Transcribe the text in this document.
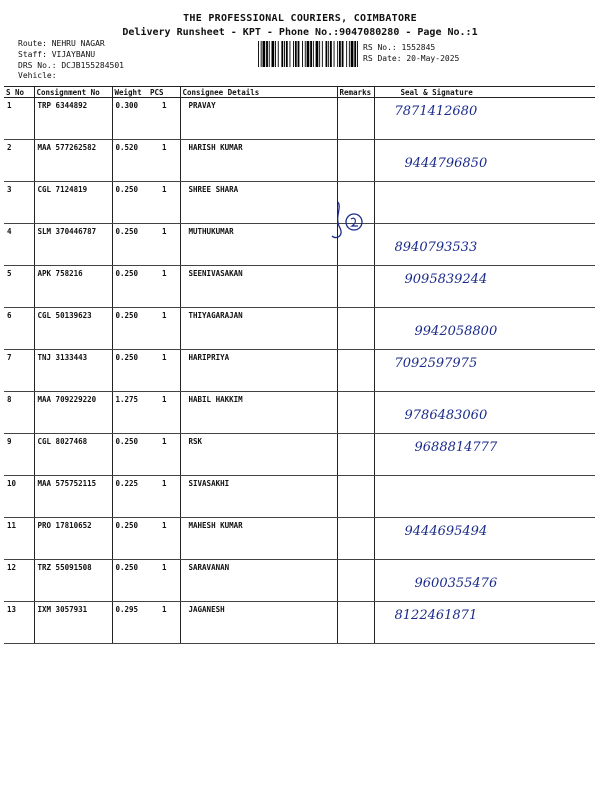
THE PROFESSIONAL COURIERS, COIMBATORE
Delivery Runsheet - KPT - Phone No.:9047080280 - Page No.:1
Route: NEHRU NAGAR
Staff: VIJAYBANU
DRS No.: DCJB155284501
Vehicle:
RS No.: 1552845
RS Date: 20-May-2025
S No	Consignment No	Weight	PCS	Consignee Details	Remarks	Seal & Signature
1	TRP 6344892	0.300	1	PRAVAY		7871412680

2	MAA 577262582	0.520	1	HARISH KUMAR		9444796850

3	CGL 7124819	0.250	1	SHREE SHARA		

4	SLM 370446787	0.250	1	MUTHUKUMAR		8940793533

5	APK 758216	0.250	1	SEENIVASAKAN		9095839244

6	CGL 50139623	0.250	1	THIYAGARAJAN		9942058800

7	TNJ 3133443	0.250	1	HARIPRIYA		7092597975

8	MAA 709229220	1.275	1	HABIL HAKKIM		9786483060

9	CGL 8027468	0.250	1	RSK		9688814777

10	MAA 575752115	0.225	1	SIVASAKHI		

11	PRO 17810652	0.250	1	MAHESH KUMAR		9444695494

12	TRZ 55091508	0.250	1	SARAVANAN		9600355476

13	IXM 3057931	0.295	1	JAGANESH		8122461871
